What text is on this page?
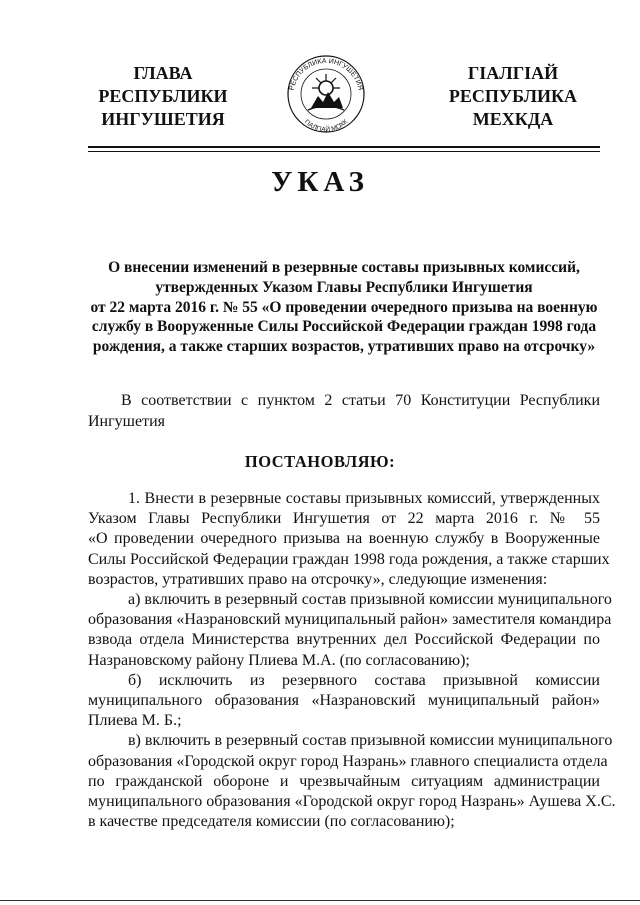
ГЛАВА
РЕСПУБЛИКИ
ИНГУШЕТИЯ
РЕСПУБЛИКА ИНГУШЕТИЯ
ГIАЛГIАЙ МОХК
ГIАЛГIАЙ
РЕСПУБЛИКА
МЕХКДА
УКАЗ
О внесении изменений в резервные составы призывных комиссий,
утвержденных Указом Главы Республики Ингушетия
от 22 марта 2016 г. № 55 «О проведении очередного призыва на военную
службу в Вооруженные Силы Российской Федерации граждан 1998 года
рождения, а также старших возрастов, утративших право на отсрочку»
В соответствии с пунктом 2 статьи 70 Конституции Республики
Ингушетия
ПОСТАНОВЛЯЮ:
1. Внести в резервные составы призывных комиссий, утвержденных
Указом Главы Республики Ингушетия от 22 марта 2016 г. № 55
«О проведении очередного призыва на военную службу в Вооруженные
Силы Российской Федерации граждан 1998 года рождения, а также старших
возрастов, утративших право на отсрочку», следующие изменения:
а) включить в резервный состав призывной комиссии муниципального
образования «Назрановский муниципальный район» заместителя командира
взвода отдела Министерства внутренних дел Российской Федерации по
Назрановскому району Плиева М.А. (по согласованию);
б) исключить из резервного состава призывной комиссии
муниципального образования «Назрановский муниципальный район»
Плиева М. Б.;
в) включить в резервный состав призывной комиссии муниципального
образования «Городской округ город Назрань» главного специалиста отдела
по гражданской обороне и чрезвычайным ситуациям администрации
муниципального образования «Городской округ город Назрань» Аушева Х.С.
в качестве председателя комиссии (по согласованию);
